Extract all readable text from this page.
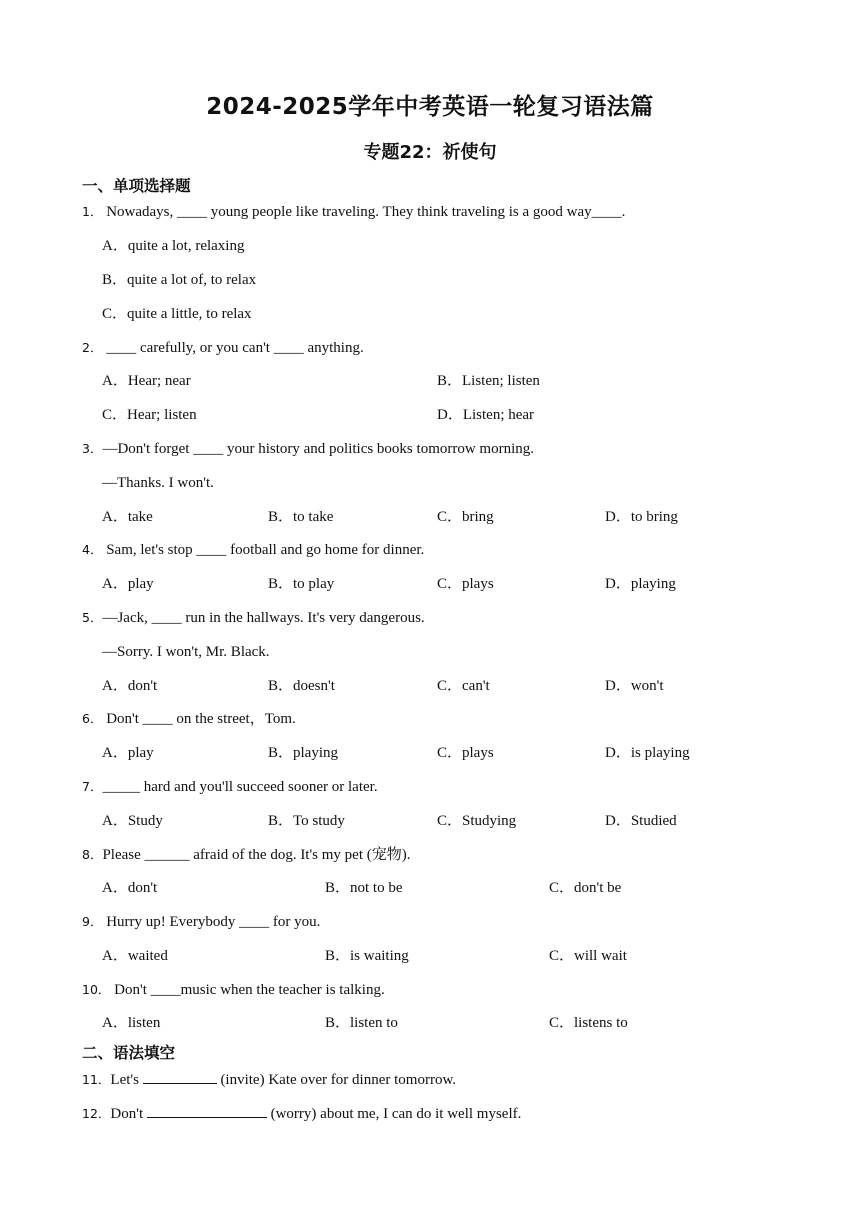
2024-2025学年中考英语一轮复习语法篇
专题22：祈使句
一、单项选择题
1． Nowadays, ____ young people like traveling. They think traveling is a good way____.
A．quite a lot, relaxing
B．quite a lot of, to relax
C．quite a little, to relax
2． ____ carefully, or you can't ____ anything.
A．Hear; near	B．Listen; listen
C．Hear; listen	D．Listen; hear
3．—Don't forget ____ your history and politics books tomorrow morning.
—Thanks. I won't.
A．take	B．to take	C．bring	D．to bring
4． Sam, let's stop ____ football and go home for dinner.
A．play	B．to play	C．plays	D．playing
5．—Jack, ____ run in the hallways. It's very dangerous.
—Sorry. I won't, Mr. Black.
A．don't	B．doesn't	C．can't	D．won't
6． Don't ____ on the street，Tom.
A．play	B．playing	C．plays	D．is playing
7．_____ hard and you'll succeed sooner or later.
A．Study	B．To study	C．Studying	D．Studied
8．Please ______ afraid of the dog. It's my pet (宠物).
A．don't	B．not to be	C．don't be
9． Hurry up! Everybody ____ for you.
A．waited	B．is waiting	C．will wait
10． Don't ____music when the teacher is talking.
A．listen	B．listen to	C．listens to
二、语法填空
11．Let's	(invite) Kate over for dinner tomorrow.
12．Don't	(worry) about me, I can do it well myself.
